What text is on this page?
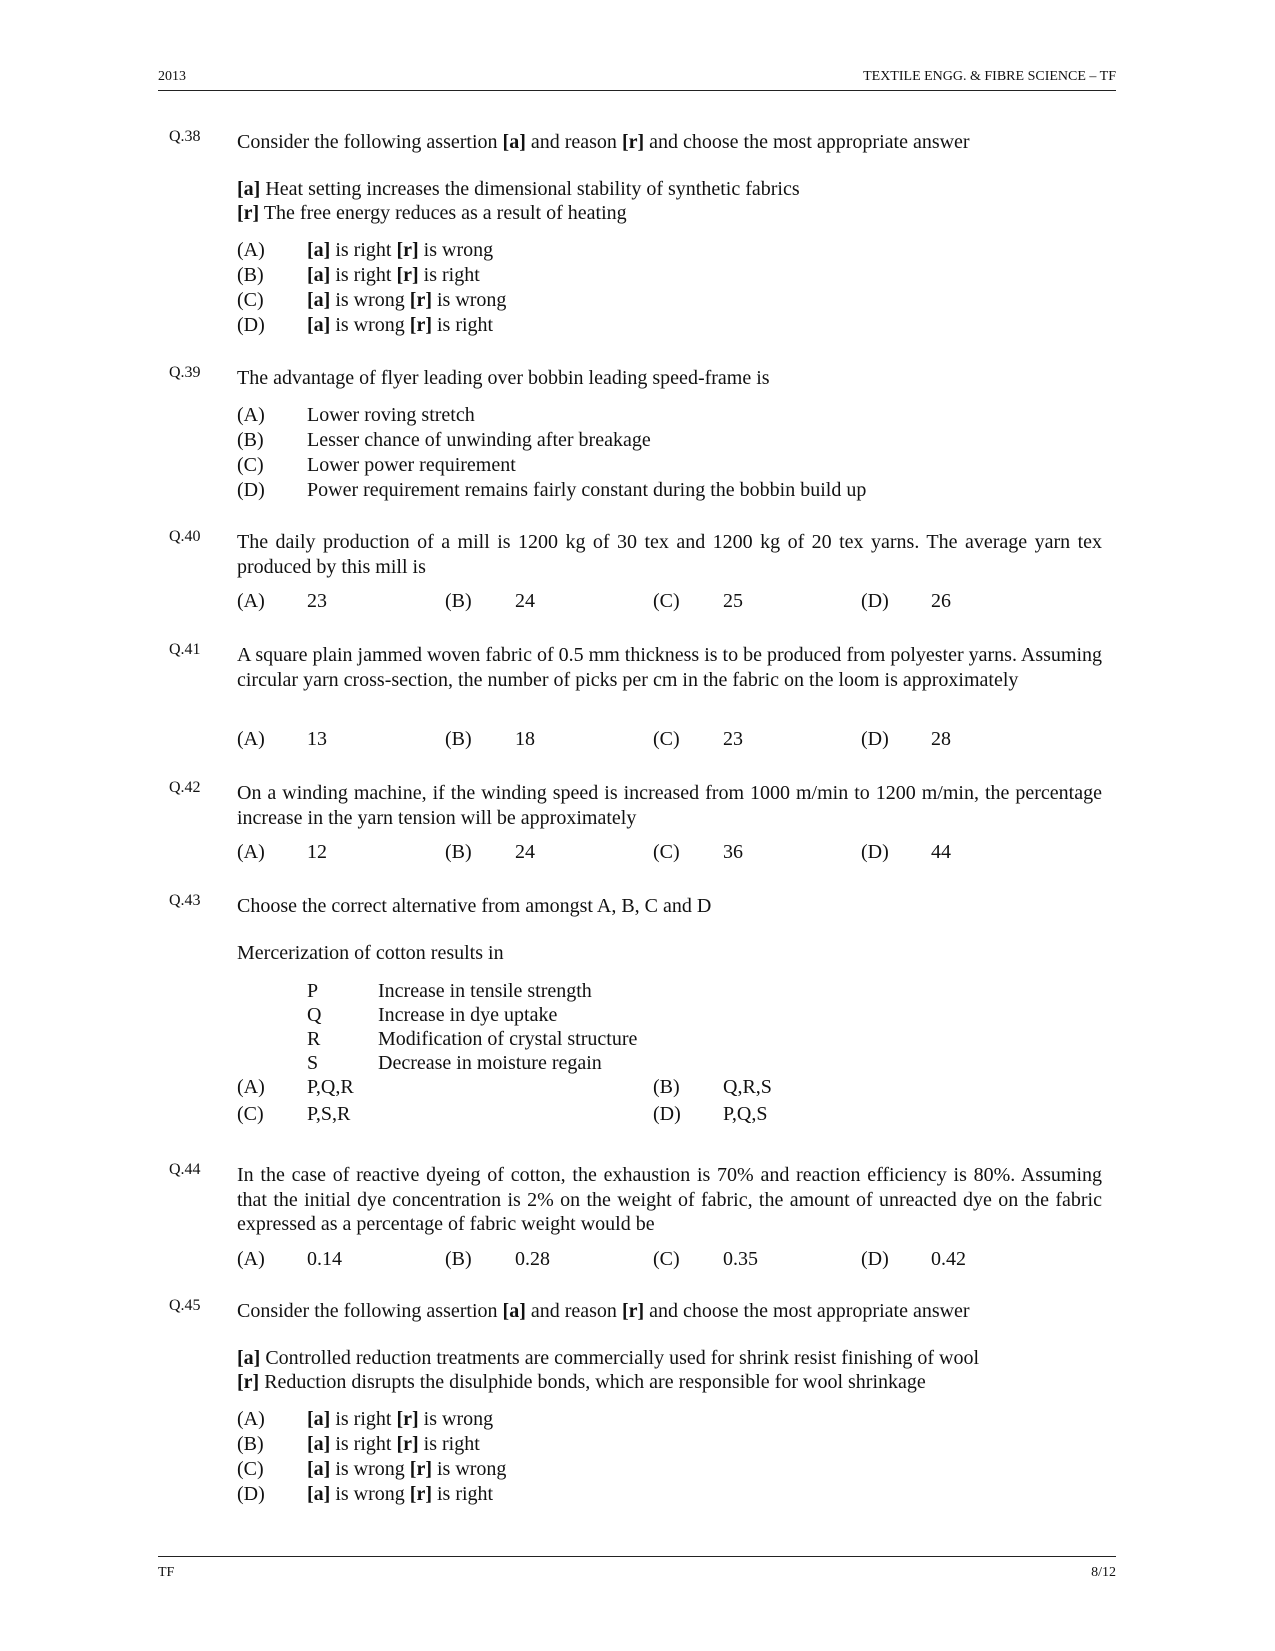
2013	TEXTILE ENGG. & FIBRE SCIENCE – TF
Q.38 Consider the following assertion [a] and reason [r] and choose the most appropriate answer
[a] Heat setting increases the dimensional stability of synthetic fabrics
[r] The free energy reduces as a result of heating
(A) [a] is right [r] is wrong
(B) [a] is right [r] is right
(C) [a] is wrong [r] is wrong
(D) [a] is wrong [r] is right
Q.39 The advantage of flyer leading over bobbin leading speed-frame is
(A) Lower roving stretch
(B) Lesser chance of unwinding after breakage
(C) Lower power requirement
(D) Power requirement remains fairly constant during the bobbin build up
Q.40 The daily production of a mill is 1200 kg of 30 tex and 1200 kg of 20 tex yarns. The average yarn tex produced by this mill is
(A) 23	(B) 24	(C) 25	(D) 26
Q.41 A square plain jammed woven fabric of 0.5 mm thickness is to be produced from polyester yarns. Assuming circular yarn cross-section, the number of picks per cm in the fabric on the loom is approximately
(A) 13	(B) 18	(C) 23	(D) 28
Q.42 On a winding machine, if the winding speed is increased from 1000 m/min to 1200 m/min, the percentage increase in the yarn tension will be approximately
(A) 12	(B) 24	(C) 36	(D) 44
Q.43 Choose the correct alternative from amongst A, B, C and D
Mercerization of cotton results in
P	Increase in tensile strength
Q	Increase in dye uptake
R	Modification of crystal structure
S	Decrease in moisture regain
(A) P,Q,R	(B) Q,R,S
(C) P,S,R	(D) P,Q,S
Q.44 In the case of reactive dyeing of cotton, the exhaustion is 70% and reaction efficiency is 80%. Assuming that the initial dye concentration is 2% on the weight of fabric, the amount of unreacted dye on the fabric expressed as a percentage of fabric weight would be
(A) 0.14	(B) 0.28	(C) 0.35	(D) 0.42
Q.45 Consider the following assertion [a] and reason [r] and choose the most appropriate answer
[a] Controlled reduction treatments are commercially used for shrink resist finishing of wool
[r] Reduction disrupts the disulphide bonds, which are responsible for wool shrinkage
(A) [a] is right [r] is wrong
(B) [a] is right [r] is right
(C) [a] is wrong [r] is wrong
(D) [a] is wrong [r] is right
TF	8/12
